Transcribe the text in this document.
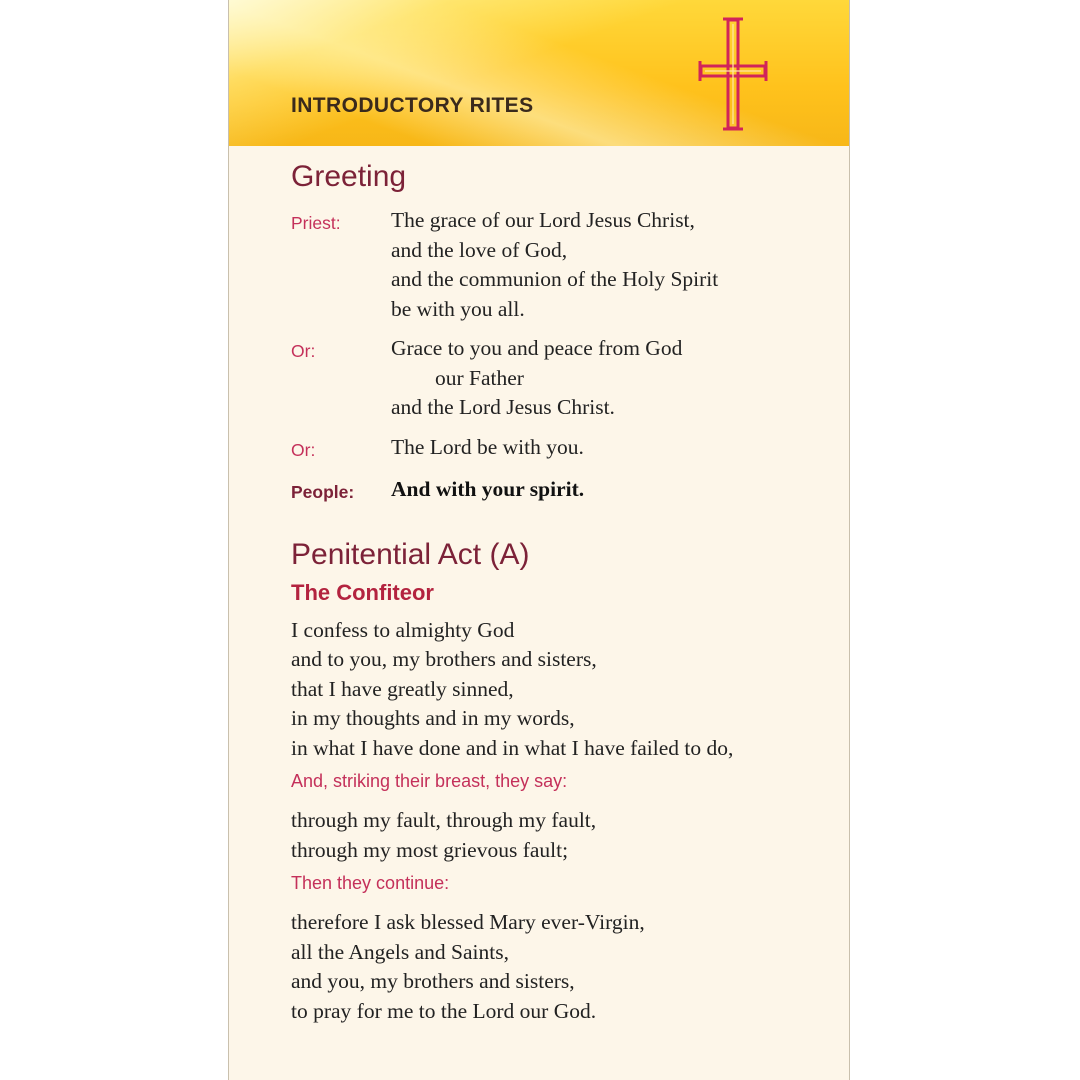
INTRODUCTORY RITES
Greeting
Priest:	The grace of our Lord Jesus Christ,
and the love of God,
and the communion of the Holy Spirit
be with you all.
Or:	Grace to you and peace from God
our Father
and the Lord Jesus Christ.
Or:	The Lord be with you.
People:	And with your spirit.
Penitential Act (A)
The Confiteor
I confess to almighty God
and to you, my brothers and sisters,
that I have greatly sinned,
in my thoughts and in my words,
in what I have done and in what I have failed to do,

And, striking their breast, they say:

through my fault, through my fault,
through my most grievous fault;

Then they continue:

therefore I ask blessed Mary ever-Virgin,
all the Angels and Saints,
and you, my brothers and sisters,
to pray for me to the Lord our God.
